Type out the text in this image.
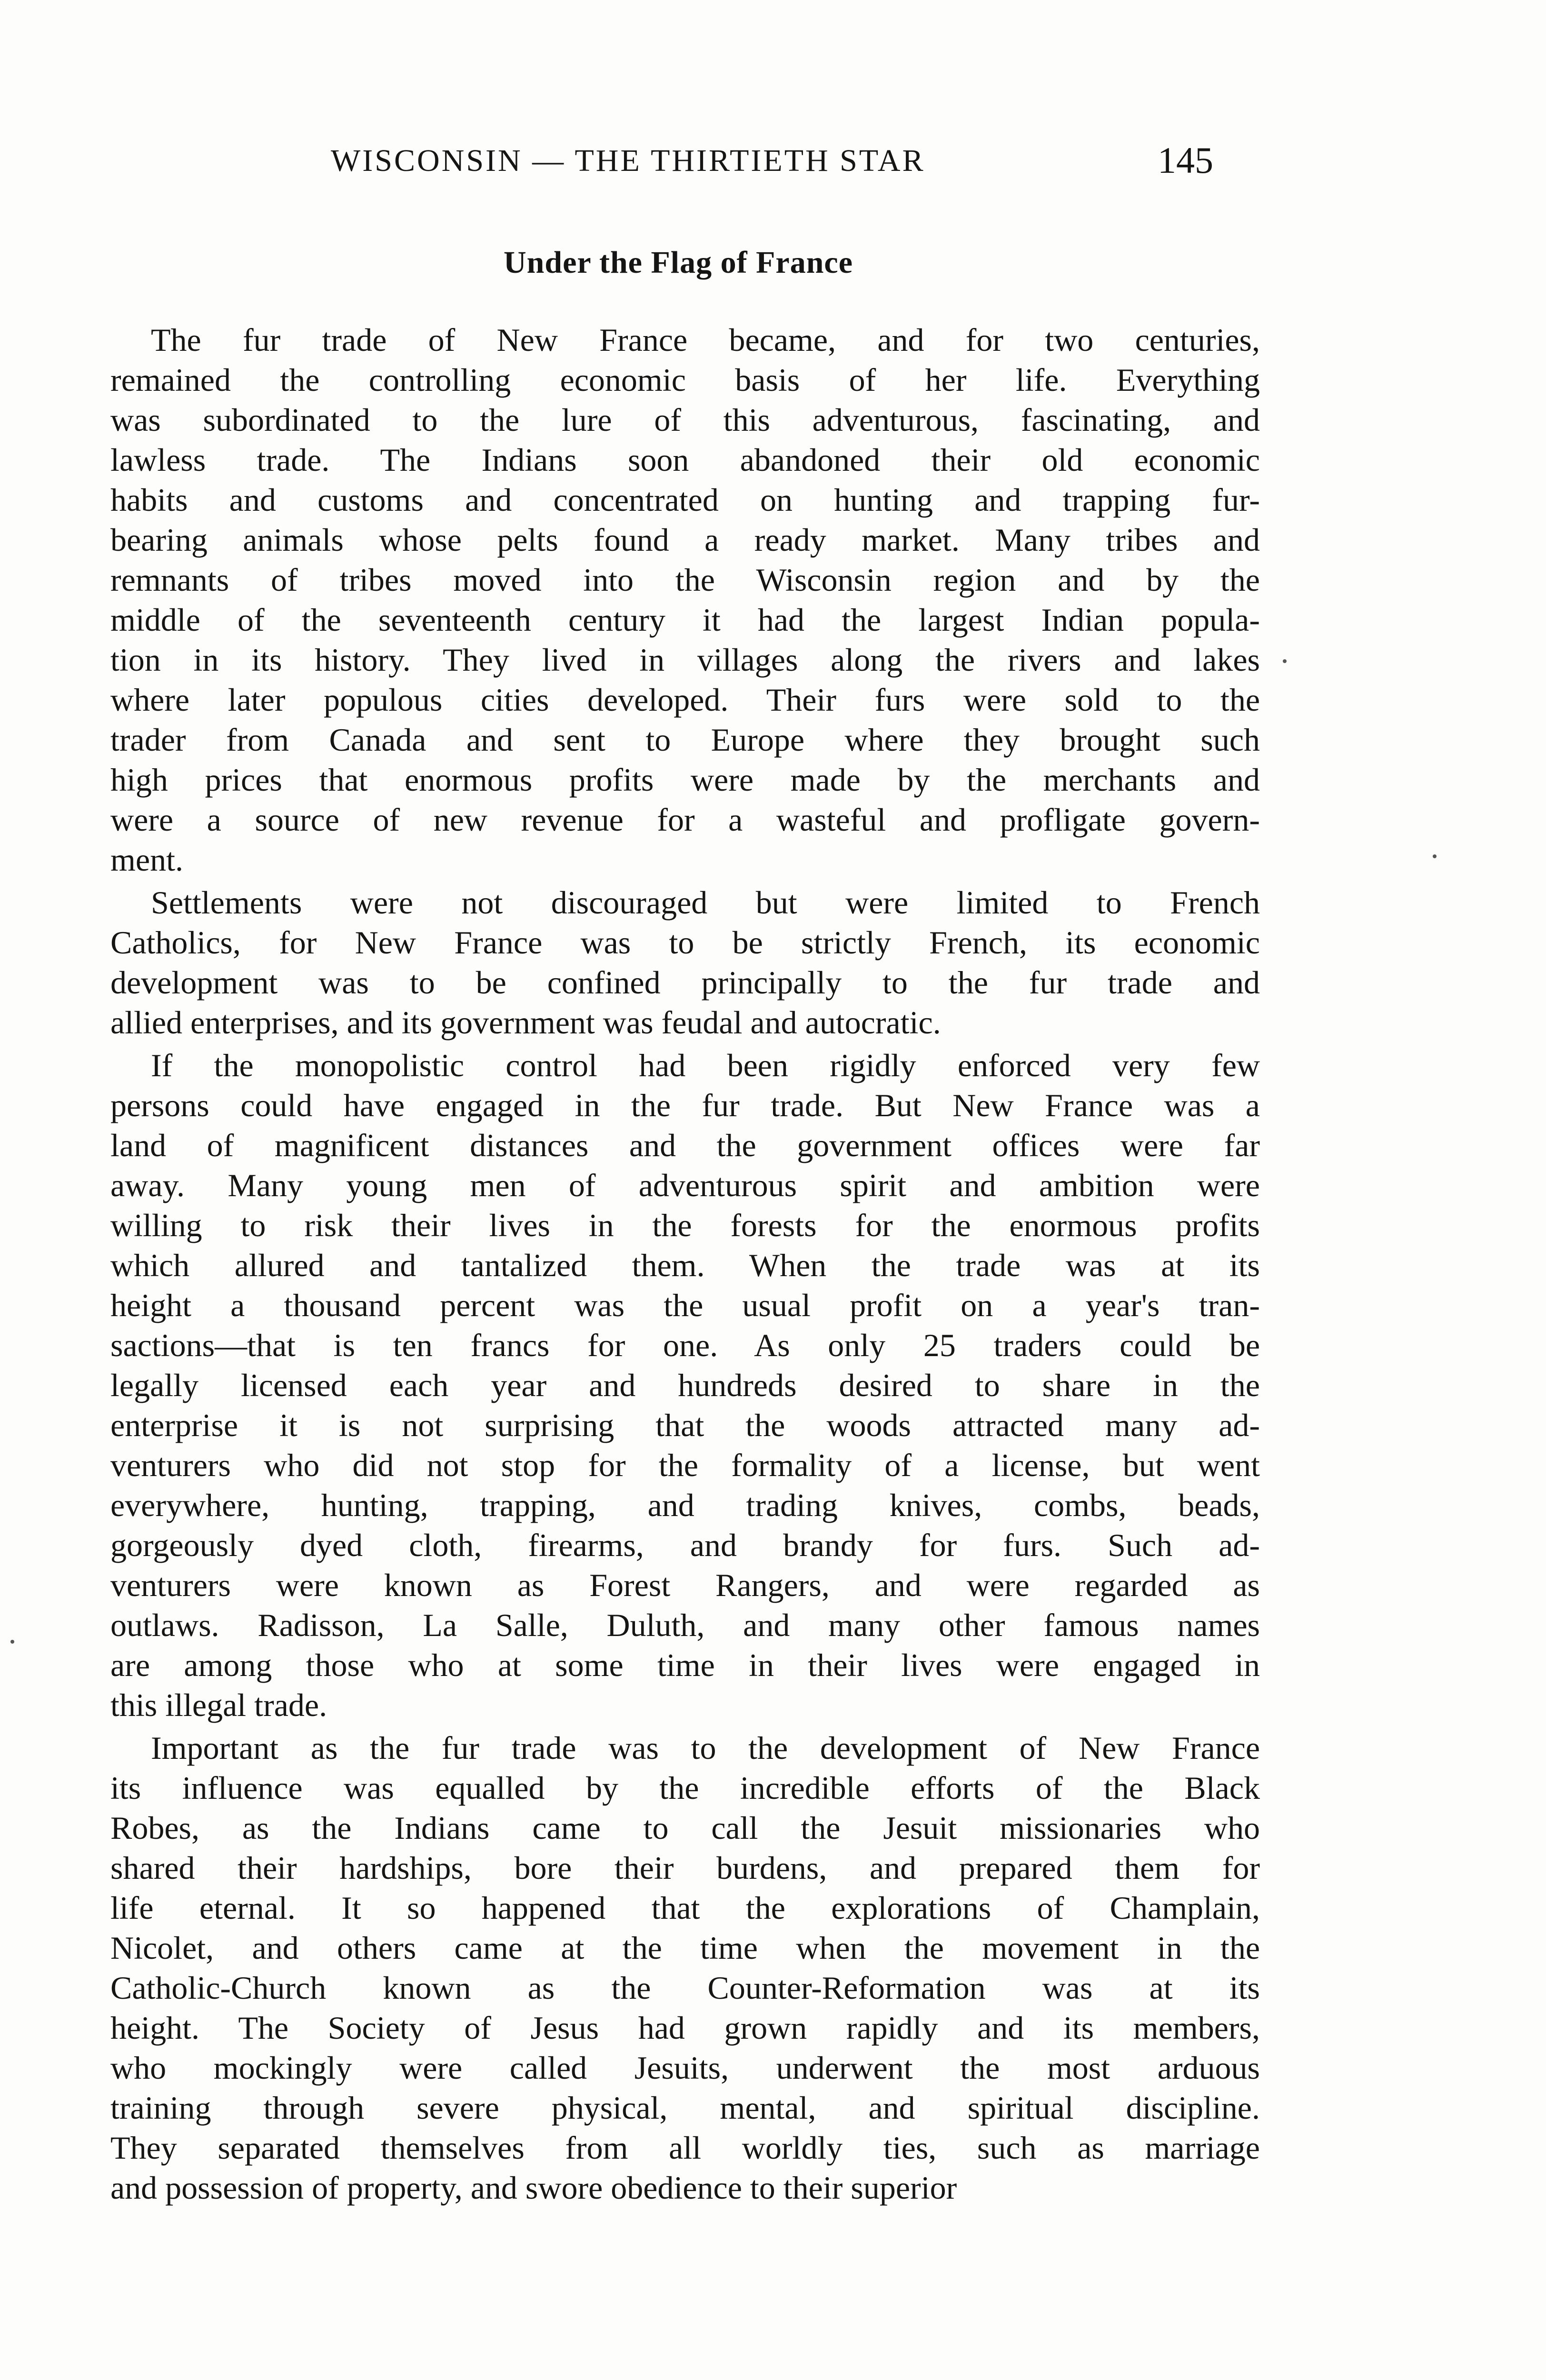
WISCONSIN — THE THIRTIETH STAR	145
Under the Flag of France
The fur trade of New France became, and for two centuries,
remained the controlling economic basis of her life. Everything
was subordinated to the lure of this adventurous, fascinating, and
lawless trade. The Indians soon abandoned their old economic
habits and customs and concentrated on hunting and trapping fur-
bearing animals whose pelts found a ready market. Many tribes and
remnants of tribes moved into the Wisconsin region and by the
middle of the seventeenth century it had the largest Indian popula-
tion in its history. They lived in villages along the rivers and lakes
where later populous cities developed. Their furs were sold to the
trader from Canada and sent to Europe where they brought such
high prices that enormous profits were made by the merchants and
were a source of new revenue for a wasteful and profligate govern-
ment.
Settlements were not discouraged but were limited to French
Catholics, for New France was to be strictly French, its economic
development was to be confined principally to the fur trade and
allied enterprises, and its government was feudal and autocratic.
If the monopolistic control had been rigidly enforced very few
persons could have engaged in the fur trade. But New France was a
land of magnificent distances and the government offices were far
away. Many young men of adventurous spirit and ambition were
willing to risk their lives in the forests for the enormous profits
which allured and tantalized them. When the trade was at its
height a thousand percent was the usual profit on a year's tran-
sactions—that is ten francs for one. As only 25 traders could be
legally licensed each year and hundreds desired to share in the
enterprise it is not surprising that the woods attracted many ad-
venturers who did not stop for the formality of a license, but went
everywhere, hunting, trapping, and trading knives, combs, beads,
gorgeously dyed cloth, firearms, and brandy for furs. Such ad-
venturers were known as Forest Rangers, and were regarded as
outlaws. Radisson, La Salle, Duluth, and many other famous names
are among those who at some time in their lives were engaged in
this illegal trade.
Important as the fur trade was to the development of New France
its influence was equalled by the incredible efforts of the Black
Robes, as the Indians came to call the Jesuit missionaries who
shared their hardships, bore their burdens, and prepared them for
life eternal. It so happened that the explorations of Champlain,
Nicolet, and others came at the time when the movement in the
Catholic-Church known as the Counter-Reformation was at its
height. The Society of Jesus had grown rapidly and its members,
who mockingly were called Jesuits, underwent the most arduous
training through severe physical, mental, and spiritual discipline.
They separated themselves from all worldly ties, such as marriage
and possession of property, and swore obedience to their superior
